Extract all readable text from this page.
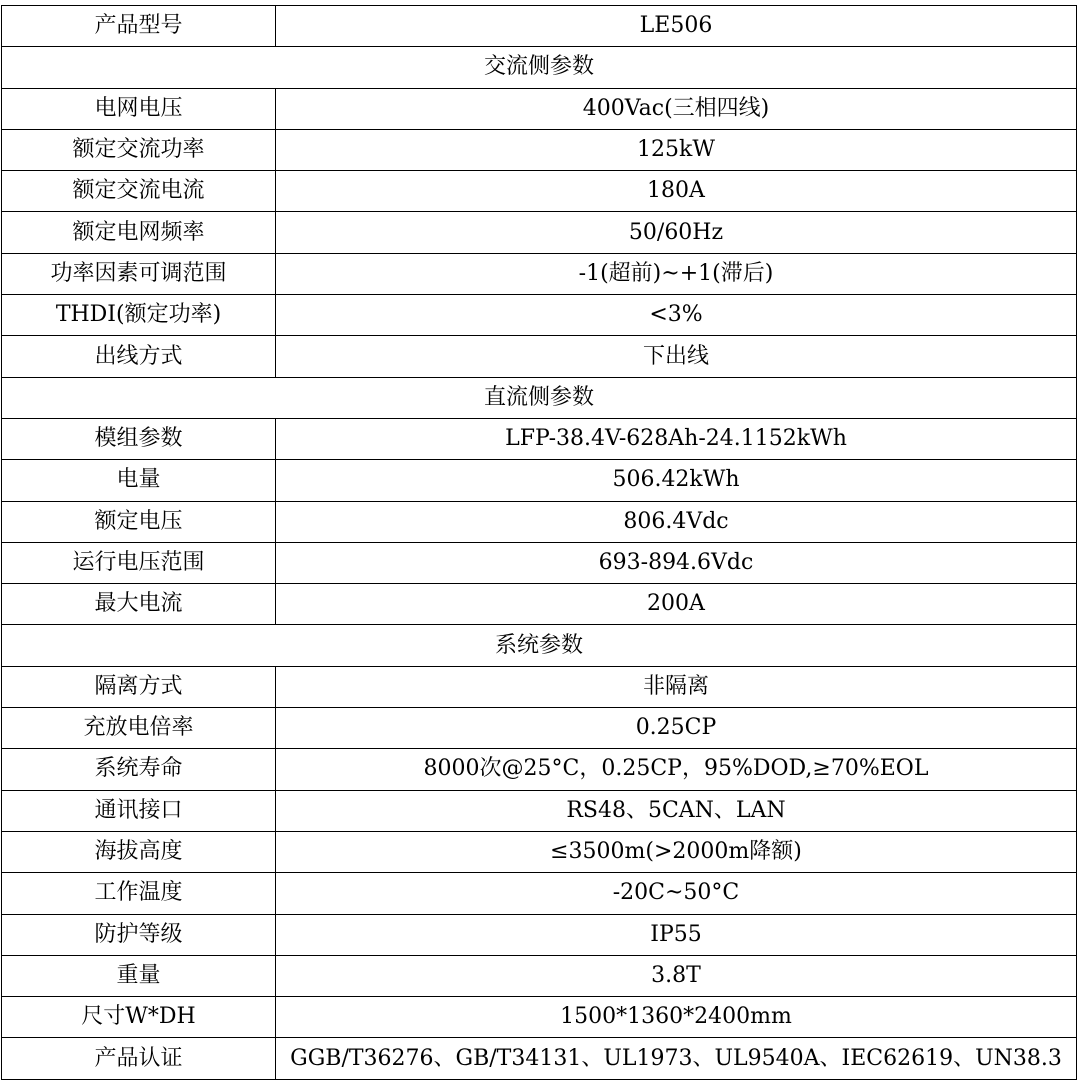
产品型号	LE506
交流侧参数	
电网电压	400Vac(三相四线)
额定交流功率	125kW
额定交流电流	180A
额定电网频率	50/60Hz
功率因素可调范围	-1(超前)~+1(滞后)
THDI(额定功率)	<3%
出线方式	下出线
直流侧参数	
模组参数	LFP-38.4V-628Ah-24.1152kWh
电量	506.42kWh
额定电压	806.4Vdc
运行电压范围	693-894.6Vdc
最大电流	200A
系统参数	
隔离方式	非隔离
充放电倍率	0.25CP
系统寿命	8000次@25°C，0.25CP，95%DOD,≥70%EOL
通讯接口	RS48、5CAN、LAN
海拔高度	≤3500m(>2000m降额)
工作温度	-20C~50°C
防护等级	IP55
重量	3.8T
尺寸W*DH	1500*1360*2400mm
产品认证	GGB/T36276、GB/T34131、UL1973、UL9540A、IEC62619、UN38.3
